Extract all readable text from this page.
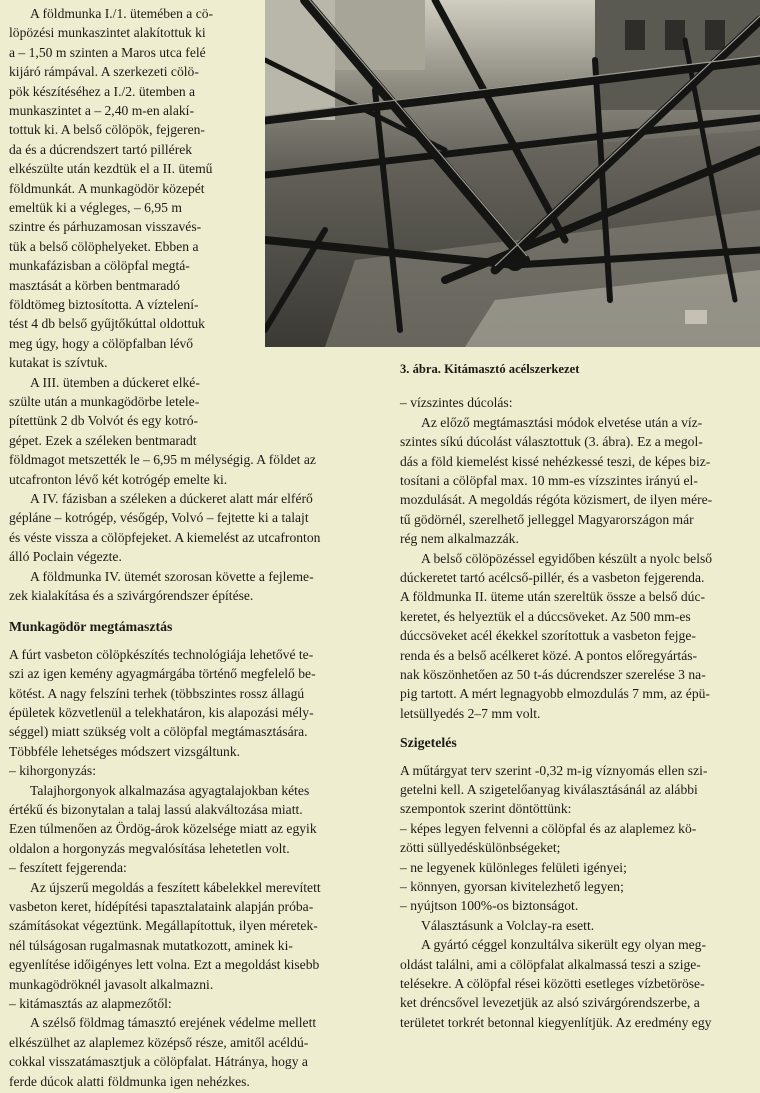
A földmunka I./1. ütemében a cö-
löpözési munkaszintet alakítottuk ki
a – 1,50 m szinten a Maros utca felé
kijáró rámpával. A szerkezeti cölö-
pök készítéséhez a I./2. ütemben a
munkaszintet a – 2,40 m-en alakí-
tottuk ki. A belső cölöpök, fejgeren-
da és a dúcrendszert tartó pillérek
elkészülte után kezdtük el a II. ütemű
földmunkát. A munkagödör közepét
emeltük ki a végleges, – 6,95 m
szintre és párhuzamosan visszavés-
tük a belső cölöphelyeket. Ebben a
munkafázisban a cölöpfal megtá-
masztását a körben bentmaradó
földtömeg biztosította. A víztelení-
tést 4 db belső gyűjtőkúttal oldottuk
meg úgy, hogy a cölöpfalban lévő
kutakat is szívtuk.
A III. ütemben a dúckeret elké-
3. ábra. Kitámasztó acélszerkezet
szülte után a munkagödörbe letele-
pítettünk 2 db Volvót és egy kotró-
gépet. Ezek a széleken bentmaradt
földmagot metszették le – 6,95 m mélységig. A földet az
utcafronton lévő két kotrógép emelte ki.
A IV. fázisban a széleken a dúckeret alatt már elférő
gépláne – kotrógép, vésőgép, Volvó – fejtette ki a talajt
és véste vissza a cölöpfejeket. A kiemelést az utcafronton
álló Poclain végezte.
A földmunka IV. ütemét szorosan követte a fejleme-
zek kialakítása és a szivárgórendszer építése.
Munkagödör megtámasztás
A fúrt vasbeton cölöpkészítés technológiája lehetővé te-
szi az igen kemény agyagmárgába történő megfelelő be-
kötést. A nagy felszíni terhek (többszintes rossz állagú
épületek közvetlenül a telekhatáron, kis alapozási mély-
séggel) miatt szükség volt a cölöpfal megtámasztására.
Többféle lehetséges módszert vizsgáltunk.
– kihorgonyzás:
Talajhorgonyok alkalmazása agyagtalajokban kétes
értékű és bizonytalan a talaj lassú alakváltozása miatt.
Ezen túlmenően az Ördög-árok közelsége miatt az egyik
oldalon a horgonyzás megvalósítása lehetetlen volt.
– feszített fejgerenda:
Az újszerű megoldás a feszített kábelekkel merevített
vasbeton keret, hídépítési tapasztalataink alapján próba-
számításokat végeztünk. Megállapítottuk, ilyen méretek-
nél túlságosan rugalmasnak mutatkozott, aminek ki-
egyenlítése időigényes lett volna. Ezt a megoldást kisebb
munkagödröknél javasolt alkalmazni.
– vízszintes dúcolás:
Az előző megtámasztási módok elvetése után a víz-
szintes síkú dúcolást választottuk (3. ábra). Ez a megol-
dás a föld kiemelést kissé nehézkessé teszi, de képes biz-
tosítani a cölöpfal max. 10 mm-es vízszintes irányú el-
mozdulását. A megoldás régóta közismert, de ilyen mére-
tű gödörnél, szerelhető jelleggel Magyarországon már
rég nem alkalmazzák.
A belső cölöpözéssel egyidőben készült a nyolc belső
dúckeretet tartó acélcső-pillér, és a vasbeton fejgerenda.
A földmunka II. üteme után szereltük össze a belső dúc-
keretet, és helyeztük el a dúccsöveket. Az 500 mm-es
dúccsöveket acél ékekkel szorítottuk a vasbeton fejge-
renda és a belső acélkeret közé. A pontos előregyártás-
nak köszönhetően az 50 t-ás dúcrendszer szerelése 3 na-
pig tartott. A mért legnagyobb elmozdulás 7 mm, az épü-
letsüllyedés 2–7 mm volt.
Szigetelés
A műtárgyat terv szerint -0,32 m-ig víznyomás ellen szi-
getelni kell. A szigetelőanyag kiválasztásánál az alábbi
szempontok szerint döntöttünk:
– képes legyen felvenni a cölöpfal és az alaplemez kö-
zötti süllyedéskülönbségeket;
– ne legyenek különleges felületi igényei;
– könnyen, gyorsan kivitelezhető legyen;
– nyújtson 100%-os biztonságot.
Választásunk a Volclay-ra esett.
A gyártó céggel konzultálva sikerült egy olyan meg-
oldást találni, ami a cölöpfalat alkalmassá teszi a szige-
telésekre. A cölöpfal rései közötti esetleges vízbetöröse-
ket dréncsővel levezetjük az alsó szivárgórendszerbe, a
– kitámasztás az alapmezőtől:
A szélső földmag támasztó erejének védelme mellett
elkészülhet az alaplemez középső része, amitől acéldú-
cokkal visszatámasztjuk a cölöpfalat. Hátránya, hogy a
ferde dúcok alatti földmunka igen nehézkes.
területet torkrét betonnal kiegyenlítjük. Az eredmény egy
